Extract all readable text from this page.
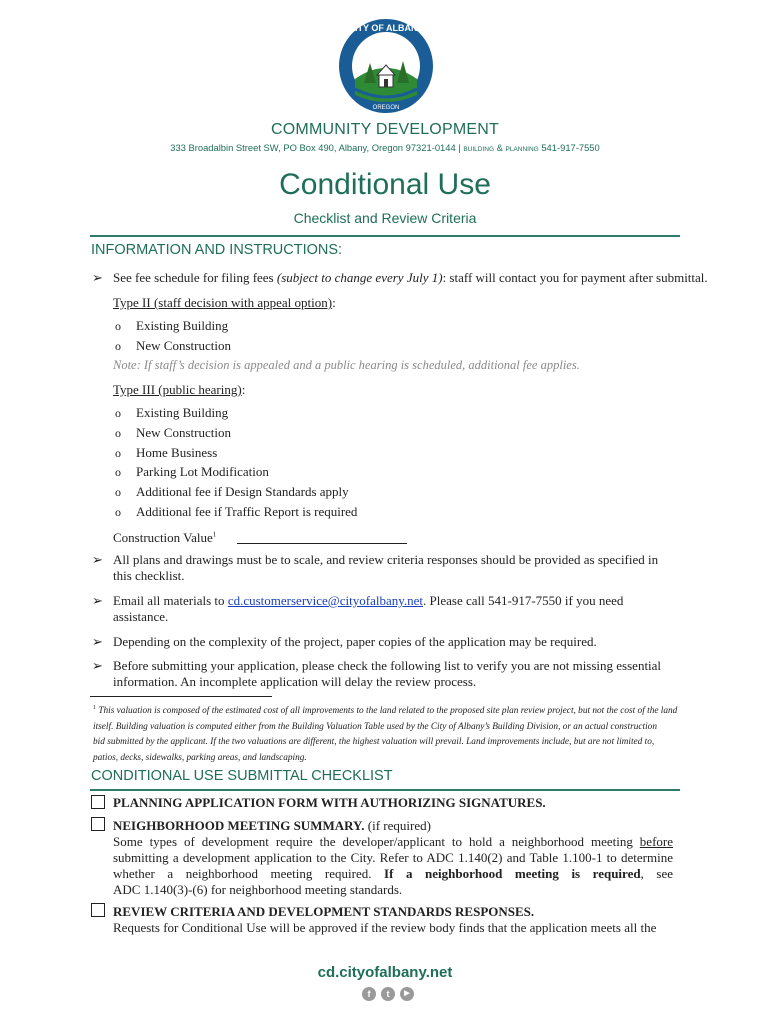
CITY OF ALBANY
OREGON
1848
COMMUNITY DEVELOPMENT
333 Broadalbin Street SW, PO Box 490, Albany, Oregon 97321-0144 | BUILDING & PLANNING 541-917-7550
Conditional Use
Checklist and Review Criteria
INFORMATION AND INSTRUCTIONS:
➢ See fee schedule for filing fees (subject to change every July 1): staff will contact you for payment after submittal.
Type II (staff decision with appeal option):
o Existing Building
o New Construction
Note: If staff’s decision is appealed and a public hearing is scheduled, additional fee applies.
Type III (public hearing):
o Existing Building
o New Construction
o Home Business
o Parking Lot Modification
o Additional fee if Design Standards apply
o Additional fee if Traffic Report is required
Construction Value$^1$
➢ All plans and drawings must be to scale, and review criteria responses should be provided as specified in
this checklist.
➢ Email all materials to cd.customerservice@cityofalbany.net. Please call 541-917-7550 if you need
assistance.
➢ Depending on the complexity of the project, paper copies of the application may be required.
➢ Before submitting your application, please check the following list to verify you are not missing essential
information. An incomplete application will delay the review process.
$^1$ This valuation is composed of the estimated cost of all improvements to the land related to the proposed site plan review project, but not the cost of the land
itself. Building valuation is computed either from the Building Valuation Table used by the City of Albany’s Building Division, or an actual construction
bid submitted by the applicant. If the two valuations are different, the highest valuation will prevail. Land improvements include, but are not limited to,
patios, decks, sidewalks, parking areas, and landscaping.
CONDITIONAL USE SUBMITTAL CHECKLIST
PLANNING APPLICATION FORM WITH AUTHORIZING SIGNATURES.
NEIGHBORHOOD MEETING SUMMARY. (if required)
Some types of development require the developer/applicant to hold a neighborhood meeting before
submitting a development application to the City. Refer to ADC 1.140(2) and Table 1.100-1 to determine
whether a neighborhood meeting required. If a neighborhood meeting is required, see
ADC 1.140(3)-(6) for neighborhood meeting standards.
REVIEW CRITERIA AND DEVELOPMENT STANDARDS RESPONSES.
Requests for Conditional Use will be approved if the review body finds that the application meets all the
cd.cityofalbany.net
f	t	▶
